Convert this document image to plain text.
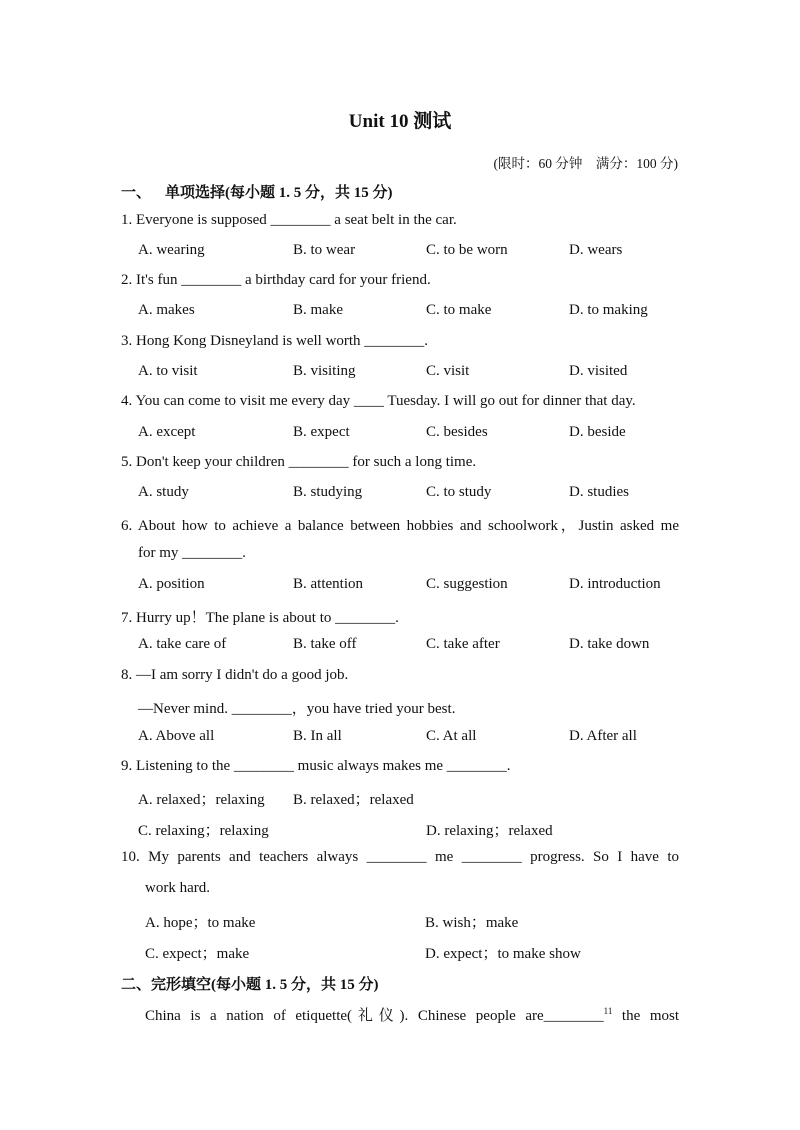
Unit 10 测试
(限时：60 分钟　满分：100 分)
一、 单项选择(每小题 1. 5 分，共 15 分)
1. Everyone is supposed ________ a seat belt in the car.
A. wearing	B. to wear	C. to be worn	D. wears
2. It's fun ________ a birthday card for your friend.
A. makes	B. make	C. to make	D. to making
3. Hong Kong Disneyland is well worth ________.
A. to visit	B. visiting	C. visit	D. visited
4. You can come to visit me every day ____ Tuesday. I will go out for dinner that day.
A. except	B. expect	C. besides	D. beside
5. Don't keep your children ________ for such a long time.
A. study	B. studying	C. to study	D. studies
6. About how to achieve a balance between hobbies and schoolwork，Justin asked me
for my ________.
A. position	B. attention	C. suggestion	D. introduction
7. Hurry up！The plane is about to ________.
A. take care of	B. take off	C. take after	D. take down
8. —I am sorry I didn't do a good job.
—Never mind. ________，you have tried your best.
A. Above all	B. In all	C. At all	D. After all
9. Listening to the ________ music always makes me ________.
A. relaxed；relaxing B. relaxed；relaxed
C. relaxing；relaxing	D. relaxing；relaxed
10. My parents and teachers always ________ me ________ progress. So I have to
work hard.
A. hope；to make	B. wish；make
C. expect；make	D. expect；to make show
二、完形填空(每小题 1. 5 分，共 15 分)
China is a nation of etiquette(礼仪). Chinese people are________$^{11}$ the most
